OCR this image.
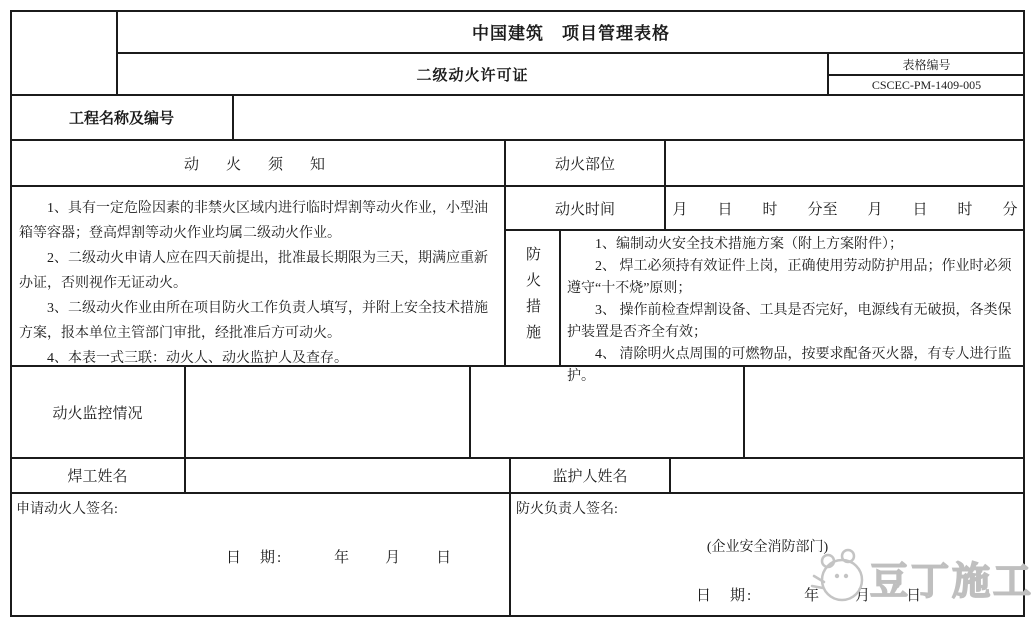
中国建筑　项目管理表格
二级动火许可证
表格编号
CSCEC-PM-1409-005
工程名称及编号
动　火　须　知

1、具有一定危险因素的非禁火区域内进行临时焊割等动火作业，小型油箱等容器；登高焊割等动火作业均属二级动火作业。

2、二级动火申请人应在四天前提出，批准最长期限为三天，期满应重新办证，否则视作无证动火。

3、二级动火作业由所在项目防火工作负责人填写，并附上安全技术措施方案，报本单位主管部门审批，经批准后方可动火。

4、本表一式三联：动火人、动火监护人及查存。

动火部位
动火时间	月　　日　　时　　分至　　月　　日　　时　　分
防火措施

1、编制动火安全技术措施方案（附上方案附件）；

2、 焊工必须持有效证件上岗，正确使用劳动防护用品；作业时必须遵守“十不烧”原则；

3、 操作前检查焊割设备、工具是否完好，电源线有无破损，各类保护装置是否齐全有效；

4、 清除明火点周围的可燃物品，按要求配备灭火器，有专人进行监护。

动火监控情况
焊工姓名	监护人姓名
申请动火人签名:
日　期:　　　年　　月　　日
防火负责人签名:
(企业安全消防部门)
日　期:　　　年　　月　　日
豆丁施工
